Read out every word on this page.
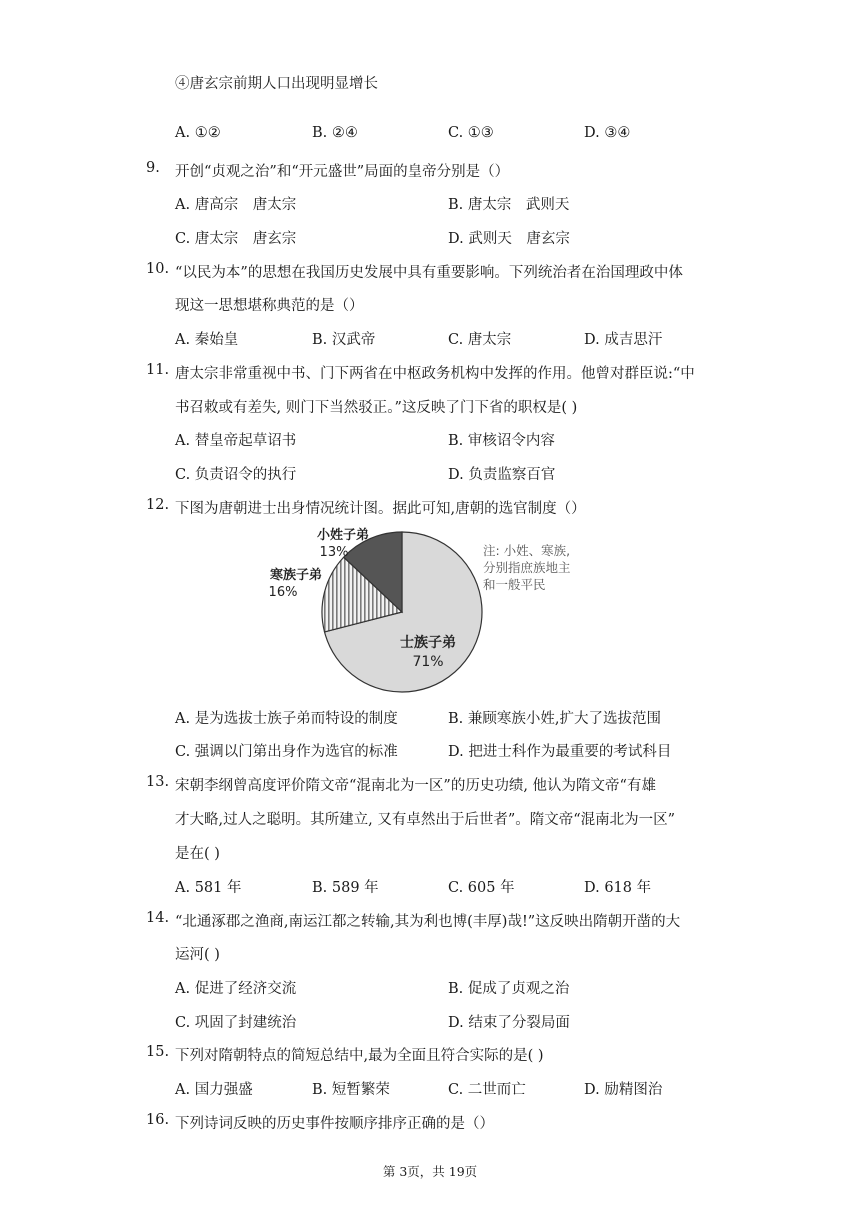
④唐玄宗前期人口出现明显增长
A. ①②	B. ②④	C. ①③	D. ③④
9. 开创“贞观之治”和“开元盛世”局面的皇帝分别是（）
A. 唐高宗　唐太宗	B. 唐太宗　武则天
C. 唐太宗　唐玄宗	D. 武则天　唐玄宗
10. “以民为本”的思想在我国历史发展中具有重要影响。下列统治者在治国理政中体
现这一思想堪称典范的是（）
A. 秦始皇	B. 汉武帝	C. 唐太宗	D. 成吉思汗
11. 唐太宗非常重视中书、门下两省在中枢政务机构中发挥的作用。他曾对群臣说:“中
书召敕或有差失, 则门下当然驳正。”这反映了门下省的职权是( )
A. 替皇帝起草诏书	B. 审核诏令内容
C. 负责诏令的执行	D. 负责监察百官
12. 下图为唐朝进士出身情况统计图。据此可知,唐朝的选官制度（）
小姓子弟
13%
寒族子弟
16%
士族子弟
71%
注: 小姓、寒族,
分别指庶族地主
和一般平民
A. 是为选拔士族子弟而特设的制度	B. 兼顾寒族小姓,扩大了选拔范围
C. 强调以门第出身作为选官的标准	D. 把进士科作为最重要的考试科目
13. 宋朝李纲曾高度评价隋文帝“混南北为一区”的历史功绩, 他认为隋文帝“有雄
才大略,过人之聪明。其所建立, 又有卓然出于后世者”。隋文帝“混南北为一区”
是在( )
A. 581 年	B. 589 年	C. 605 年	D. 618 年
14. “北通涿郡之渔商,南运江都之转输,其为利也博(丰厚)哉!”这反映出隋朝开凿的大
运河( )
A. 促进了经济交流	B. 促成了贞观之治
C. 巩固了封建统治	D. 结束了分裂局面
15. 下列对隋朝特点的简短总结中,最为全面且符合实际的是( )
A. 国力强盛	B. 短暂繁荣	C. 二世而亡	D. 励精图治
16. 下列诗词反映的历史事件按顺序排序正确的是（）
第 3页，共 19页
